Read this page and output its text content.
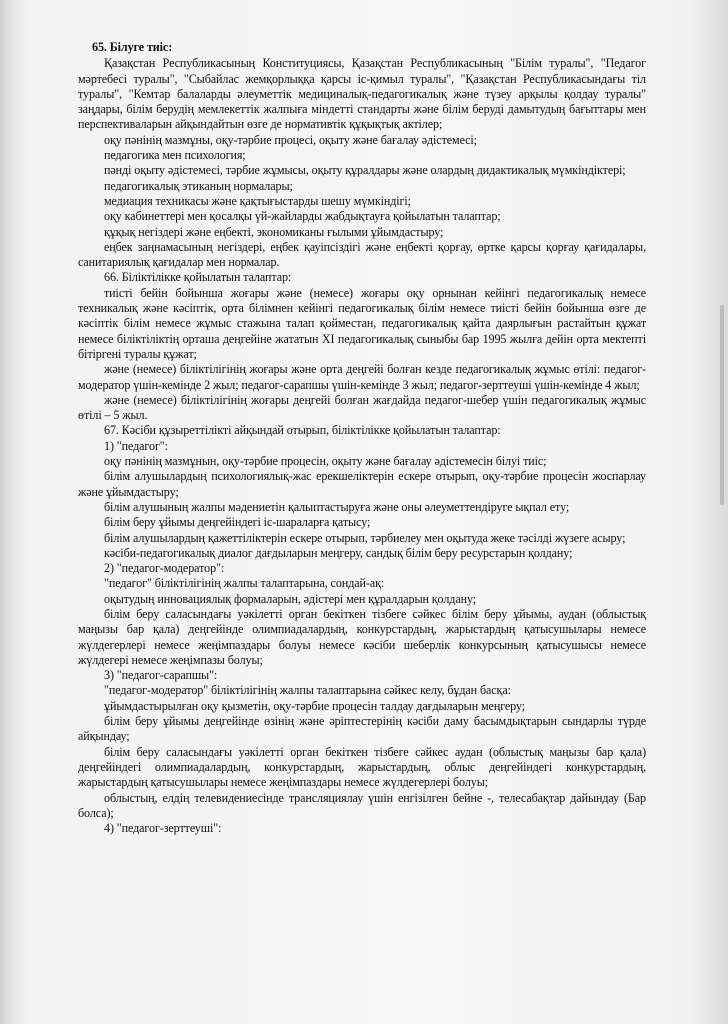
65. Білуге тиіс:

Қазақстан Республикасының Конституциясы, Қазақстан Республикасының "Білім туралы", "Педагог мәртебесі туралы", "Сыбайлас жемқорлыққа қарсы іс-қимыл туралы", "Қазақстан Республикасындағы тіл туралы", "Кемтар балаларды әлеуметтік медициналық-педагогикалық және түзеу арқылы қолдау туралы" заңдары, білім берудің мемлекеттік жалпыға міндетті стандарты және білім беруді дамытудың бағыттары мен перспективаларын айқындайтын өзге де нормативтік құқықтық актілер;

оқу пәнінің мазмұны, оқу-тәрбие процесі, оқыту және бағалау әдістемесі;

педагогика мен психология;

пәнді оқыту әдістемесі, тәрбие жұмысы, оқыту құралдары және олардың дидактикалық мүмкіндіктері;

педагогикалық этиканың нормалары;

медиация техникасы және қақтығыстарды шешу мүмкіндігі;

оқу кабинеттері мен қосалқы үй-жайларды жабдықтауға қойылатын талаптар;

құқық негіздері және еңбекті, экономиканы ғылыми ұйымдастыру;

еңбек заңнамасының негіздері, еңбек қауіпсіздігі және еңбекті қорғау, өртке қарсы қорғау қағидалары, санитариялық қағидалар мен нормалар.

66. Біліктілікке қойылатын талаптар:

тиісті бейін бойынша жоғары және (немесе) жоғары оқу орнынан кейінгі педагогикалық немесе техникалық және кәсіптік, орта білімнен кейінгі педагогикалық білім немесе тиісті бейін бойынша өзге де кәсіптік білім немесе жұмыс стажына талап қойместан, педагогикалық қайта даярлығын растайтын құжат немесе біліктіліктің орташа деңгейіне жататын XI педагогикалық сыныбы бар 1995 жылға дейін орта мектепті бітіргені туралы құжат;

және (немесе) біліктілігінің жоғары және орта деңгейі болған кезде педагогикалық жұмыс өтілі: педагог-модератор үшін-кемінде 2 жыл; педагог-сарапшы үшін-кемінде 3 жыл; педагог-зерттеуші үшін-кемінде 4 жыл;

және (немесе) біліктілігінің жоғары деңгейі болған жағдайда педагог-шебер үшін педагогикалық жұмыс өтілі – 5 жыл.

67. Кәсіби құзыреттілікті айқындай отырып, біліктілікке қойылатын талаптар:

1) "педагог":

оқу пәнінің мазмұнын, оқу-тәрбие процесін, оқыту және бағалау әдістемесін білуі тиіс;

білім алушылардың психологиялық-жас ерекшеліктерін ескере отырып, оқу-тәрбие процесін жоспарлау және ұйымдастыру;

білім алушының жалпы мәдениетін қалыптастыруға және оны әлеуметтендіруге ықпал ету;

білім беру ұйымы деңгейіндегі іс-шараларға қатысу;

білім алушылардың қажеттіліктерін ескере отырып, тәрбиелеу мен оқытуда жеке тәсілді жүзеге асыру;

кәсіби-педагогикалық диалог дағдыларын меңгеру, сандық білім беру ресурстарын қолдану;

2) "педагог-модератор":

"педагог" біліктілігінің жалпы талаптарына, сондай-ақ:

оқытудың инновациялық формаларын, әдістері мен құралдарын қолдану;

білім беру саласындағы уәкілетті орган бекіткен тізбеге сәйкес білім беру ұйымы, аудан (облыстық маңызы бар қала) деңгейінде олимпиадалардың, конкурстардың, жарыстардың қатысушылары немесе жүлдегерлері немесе жеңімпаздары болуы немесе кәсіби шеберлік конкурсының қатысушысы немесе жүлдегері немесе жеңімпазы болуы;

3) "педагог-сарапшы":

"педагог-модератор" біліктілігінің жалпы талаптарына сәйкес келу, бұдан басқа:

ұйымдастырылған оқу қызметін, оқу-тәрбие процесін талдау дағдыларын меңгеру;

білім беру ұйымы деңгейінде өзінің және әріптестерінің кәсіби даму басымдықтарын сындарлы түрде айқындау;

білім беру саласындағы уәкілетті орган бекіткен тізбеге сәйкес аудан (облыстық маңызы бар қала) деңгейіндегі олимпиадалардың, конкурстардың, жарыстардың, облыс деңгейіндегі конкурстардың, жарыстардың қатысушылары немесе жеңімпаздары немесе жүлдегерлері болуы;

облыстың, елдің телевидениесінде трансляциялау үшін енгізілген бейне -, телесабақтар дайындау (Бар болса);

4) "педагог-зерттеуші":
